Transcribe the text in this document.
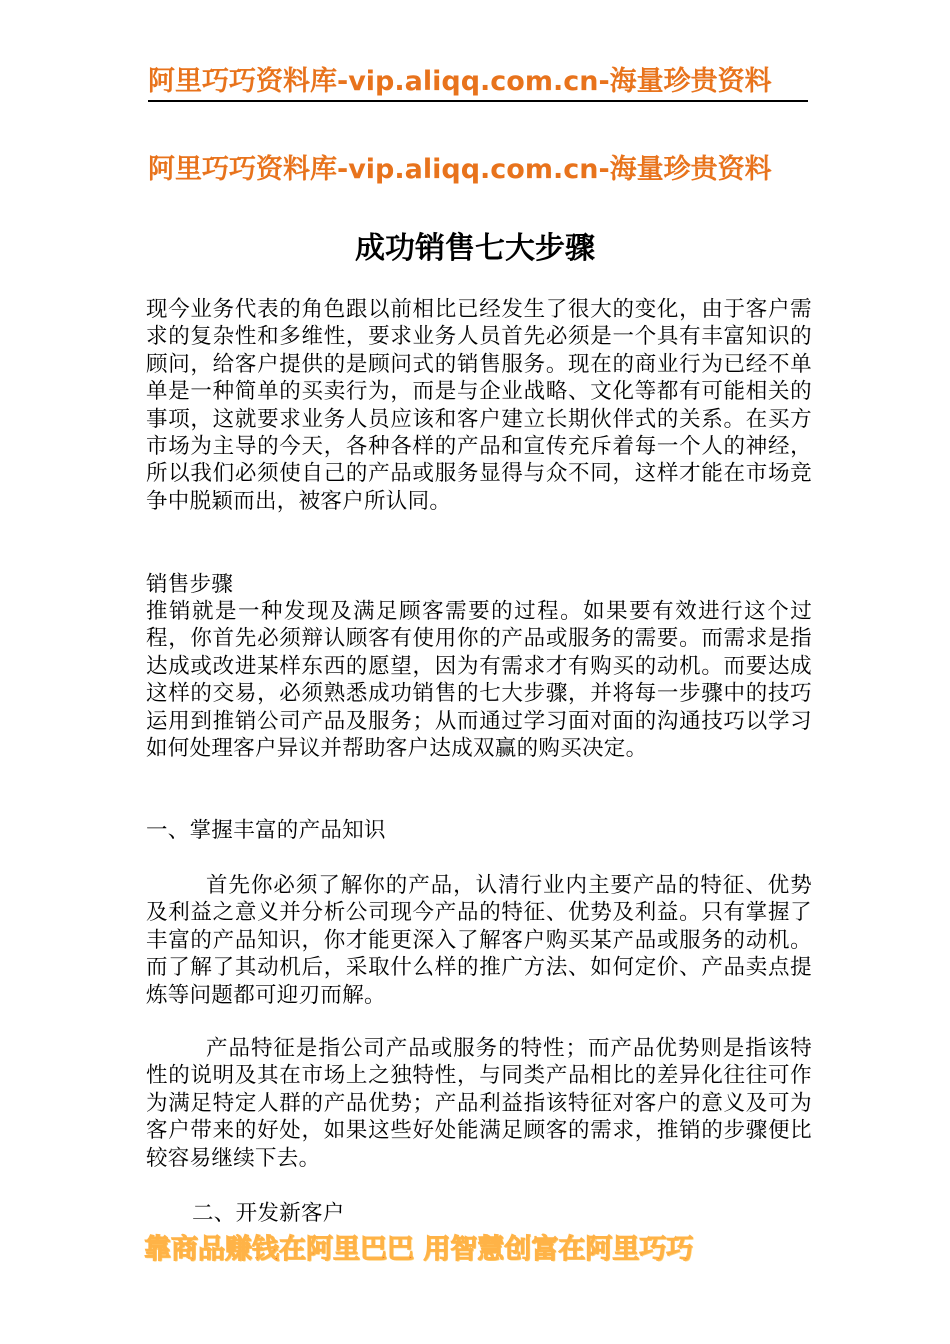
阿里巧巧资料库-vip.aliqq.com.cn-海量珍贵资料
阿里巧巧资料库-vip.aliqq.com.cn-海量珍贵资料
成功销售七大步骤

现今业务代表的角色跟以前相比已经发生了很大的变化，由于客户需求的复杂性和多维性，要求业务人员首先必须是一个具有丰富知识的顾问，给客户提供的是顾问式的销售服务。现在的商业行为已经不单单是一种简单的买卖行为，而是与企业战略、文化等都有可能相关的事项，这就要求业务人员应该和客户建立长期伙伴式的关系。在买方市场为主导的今天，各种各样的产品和宣传充斥着每一个人的神经，所以我们必须使自己的产品或服务显得与众不同，这样才能在市场竞争中脱颖而出，被客户所认同。

销售步骤

推销就是一种发现及满足顾客需要的过程。如果要有效进行这个过程，你首先必须辩认顾客有使用你的产品或服务的需要。而需求是指达成或改进某样东西的愿望，因为有需求才有购买的动机。而要达成这样的交易，必须熟悉成功销售的七大步骤，并将每一步骤中的技巧运用到推销公司产品及服务；从而通过学习面对面的沟通技巧以学习如何处理客户异议并帮助客户达成双赢的购买决定。

一、掌握丰富的产品知识

首先你必须了解你的产品，认清行业内主要产品的特征、优势及利益之意义并分析公司现今产品的特征、优势及利益。只有掌握了丰富的产品知识，你才能更深入了解客户购买某产品或服务的动机。而了解了其动机后，采取什么样的推广方法、如何定价、产品卖点提炼等问题都可迎刃而解。

产品特征是指公司产品或服务的特性；而产品优势则是指该特性的说明及其在市场上之独特性，与同类产品相比的差异化往往可作为满足特定人群的产品优势；产品利益指该特征对客户的意义及可为客户带来的好处，如果这些好处能满足顾客的需求，推销的步骤便比较容易继续下去。

二、开发新客户

靠商品赚钱在阿里巴巴 用智慧创富在阿里巧巧
